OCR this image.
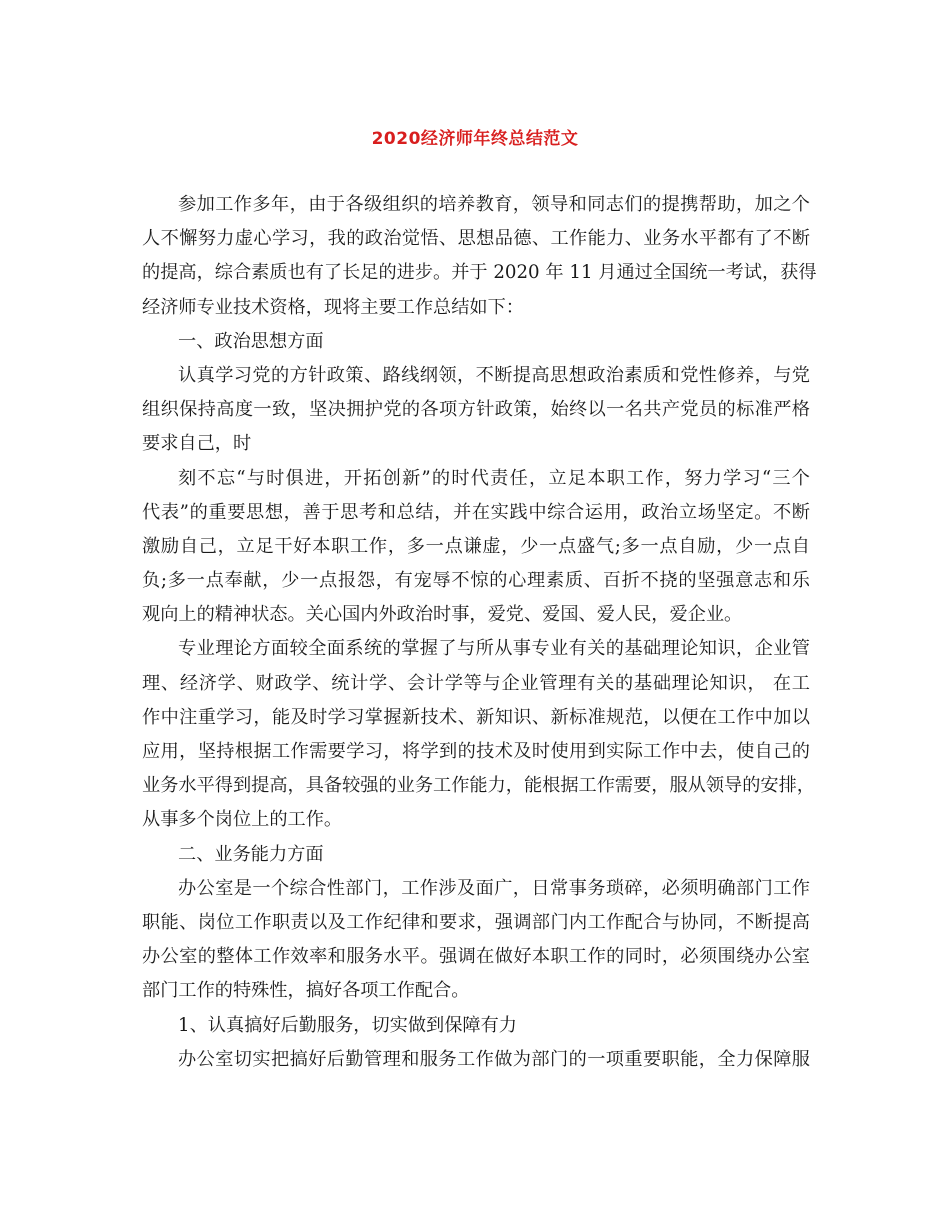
2020经济师年终总结范文
参加工作多年，由于各级组织的培养教育，领导和同志们的提携帮助，加之个
人不懈努力虚心学习，我的政治觉悟、思想品德、工作能力、业务水平都有了不断
的提高，综合素质也有了长足的进步。并于 2020 年 11 月通过全国统一考试，获得
经济师专业技术资格，现将主要工作总结如下：
一、政治思想方面
认真学习党的方针政策、路线纲领，不断提高思想政治素质和党性修养，与党
组织保持高度一致，坚决拥护党的各项方针政策，始终以一名共产党员的标准严格
要求自己，时
刻不忘“与时俱进，开拓创新”的时代责任，立足本职工作，努力学习“三个
代表”的重要思想，善于思考和总结，并在实践中综合运用，政治立场坚定。不断
激励自己，立足干好本职工作，多一点谦虚，少一点盛气;多一点自励，少一点自
负;多一点奉献，少一点报怨，有宠辱不惊的心理素质、百折不挠的坚强意志和乐
观向上的精神状态。关心国内外政治时事，爱党、爱国、爱人民，爱企业。
专业理论方面较全面系统的掌握了与所从事专业有关的基础理论知识，企业管
理、经济学、财政学、统计学、会计学等与企业管理有关的基础理论知识， 在工
作中注重学习，能及时学习掌握新技术、新知识、新标准规范，以便在工作中加以
应用，坚持根据工作需要学习，将学到的技术及时使用到实际工作中去，使自己的
业务水平得到提高，具备较强的业务工作能力，能根据工作需要，服从领导的安排，
从事多个岗位上的工作。
二、业务能力方面
办公室是一个综合性部门，工作涉及面广，日常事务琐碎，必须明确部门工作
职能、岗位工作职责以及工作纪律和要求，强调部门内工作配合与协同，不断提高
办公室的整体工作效率和服务水平。强调在做好本职工作的同时，必须围绕办公室
部门工作的特殊性，搞好各项工作配合。
1、认真搞好后勤服务，切实做到保障有力
办公室切实把搞好后勤管理和服务工作做为部门的一项重要职能，全力保障服
